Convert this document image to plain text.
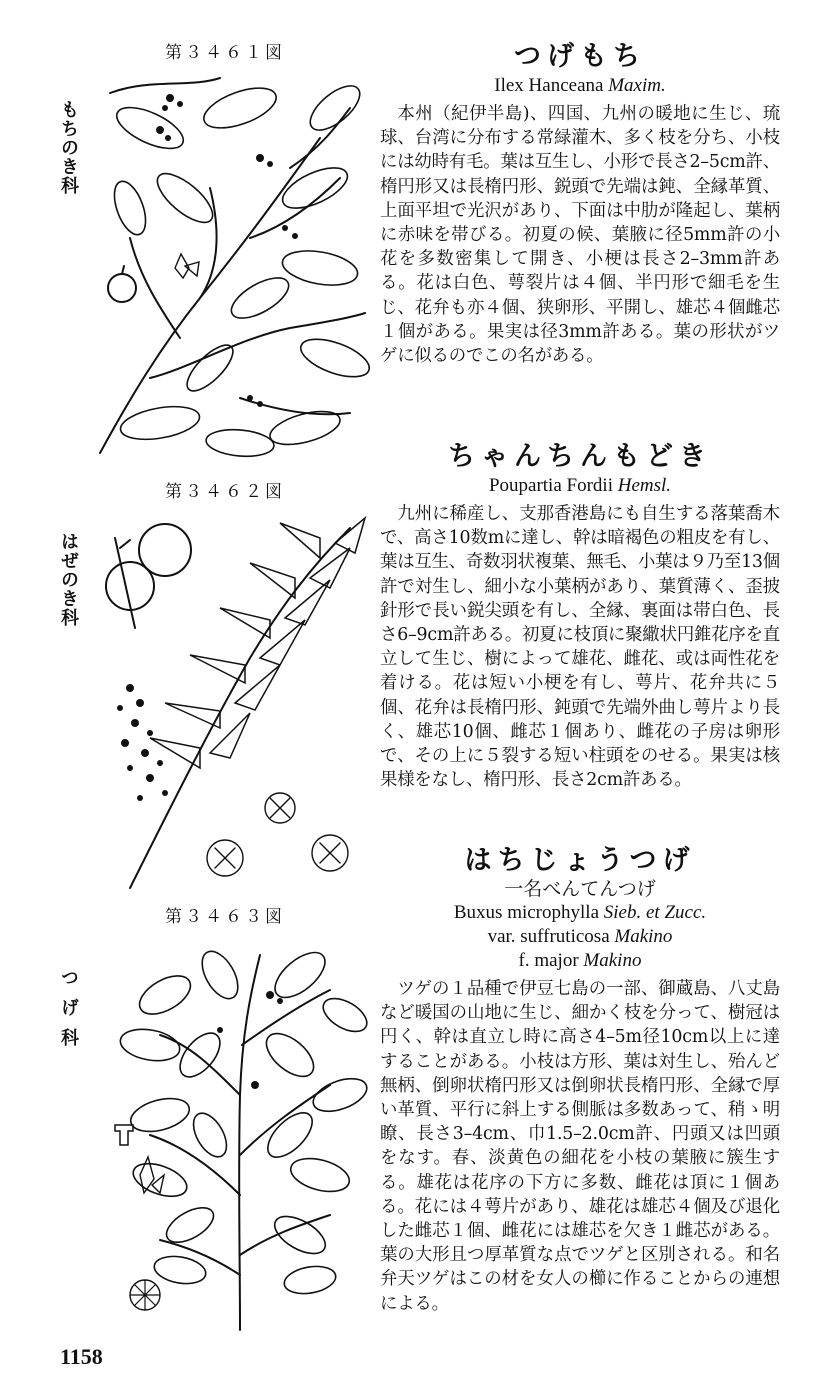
第３４６１図
もちのき科

つげもち

Ilex Hanceana Maxim.

本州（紀伊半島)、四国、九州の暖地に生じ、琉球、台湾に分布する常緑灌木、多く枝を分ち、小枝には幼時有毛。葉は互生し、小形で長さ2–5cm許、楕円形又は長楕円形、鋭頭で先端は鈍、全縁革質、上面平坦で光沢があり、下面は中肋が隆起し、葉柄に赤味を帯びる。初夏の候、葉腋に径5mm許の小花を多数密集して開き、小梗は長さ2–3mm許ある。花は白色、萼裂片は４個、半円形で細毛を生じ、花弁も亦４個、狭卵形、平開し、雄芯４個雌芯１個がある。果実は径3mm許ある。葉の形状がツゲに似るのでこの名がある。

第３４６２図
はぜのき科

ちゃんちんもどき

Poupartia Fordii Hemsl.

九州に稀産し、支那香港島にも自生する落葉喬木で、高さ10数mに達し、幹は暗褐色の粗皮を有し、葉は互生、奇数羽状複葉、無毛、小葉は９乃至13個許で対生し、細小な小葉柄があり、葉質薄く、歪披針形で長い鋭尖頭を有し、全縁、裏面は帯白色、長さ6–9cm許ある。初夏に枝頂に聚繖状円錐花序を直立して生じ、樹によって雄花、雌花、或は両性花を着ける。花は短い小梗を有し、萼片、花弁共に５個、花弁は長楕円形、鈍頭で先端外曲し萼片より長く、雄芯10個、雌芯１個あり、雌花の子房は卵形で、その上に５裂する短い柱頭をのせる。果実は核果様をなし、楕円形、長さ2cm許ある。

第３４６３図
つげ科

はちじょうつげ

一名べんてんつげ

Buxus microphylla Sieb. et Zucc.

var. suffruticosa Makino

f. major Makino

ツゲの１品種で伊豆七島の一部、御蔵島、八丈島など暖国の山地に生じ、細かく枝を分って、樹冠は円く、幹は直立し時に高さ4–5m径10cm以上に達することがある。小枝は方形、葉は対生し、殆んど無柄、倒卵状楕円形又は倒卵状長楕円形、全縁で厚い革質、平行に斜上する側脈は多数あって、稍ゝ明瞭、長さ3–4cm、巾1.5–2.0cm許、円頭又は凹頭をなす。春、淡黄色の細花を小枝の葉腋に簇生する。雄花は花序の下方に多数、雌花は頂に１個ある。花には４萼片があり、雄花は雄芯４個及び退化した雌芯１個、雌花には雄芯を欠き１雌芯がある。葉の大形且つ厚革質な点でツゲと区別される。和名弁天ツゲはこの材を女人の櫛に作ることからの連想による。

1158
